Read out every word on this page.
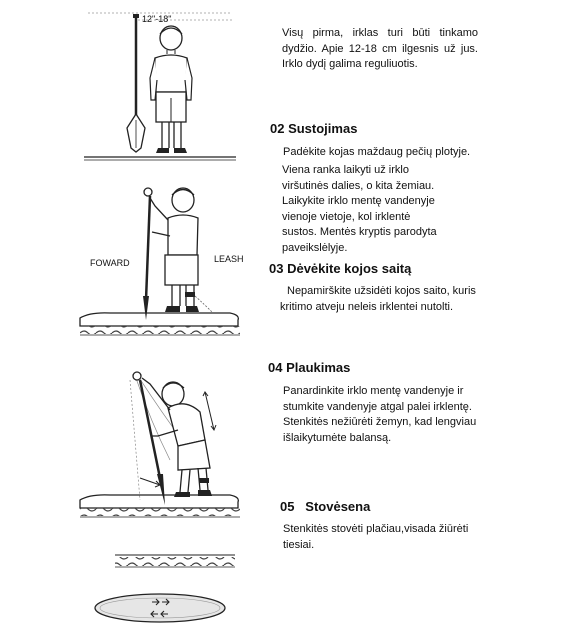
12"-18"
FOWARD	LEASH
Visų pirma, irklas turi būti tinkamo dydžio. Apie 12-18 cm ilgesnis už jus. Irklo dydį galima reguliuotis.
02 Sustojimas
Padėkite kojas maždaug pečių plotyje.
Viena ranka laikyti už irklo viršutinės dalies, o kita žemiau. Laikykite irklo mentę vandenyje vienoje vietoje, kol irklentė sustos. Mentės kryptis parodyta paveikslėlyje.
03 Dėvėkite kojos saitą
Nepamirškite užsidėti kojos saito, kuris kritimo atveju neleis irklentei nutolti.
04 Plaukimas
Panardinkite irklo mentę vandenyje ir stumkite vandenyje atgal palei irklentę. Stenkitės nežiūrėti žemyn, kad lengviau išlaikytumėte balansą.
05   Stovėsena
Stenkitės stovėti plačiau,visada žiūrėti tiesiai.
